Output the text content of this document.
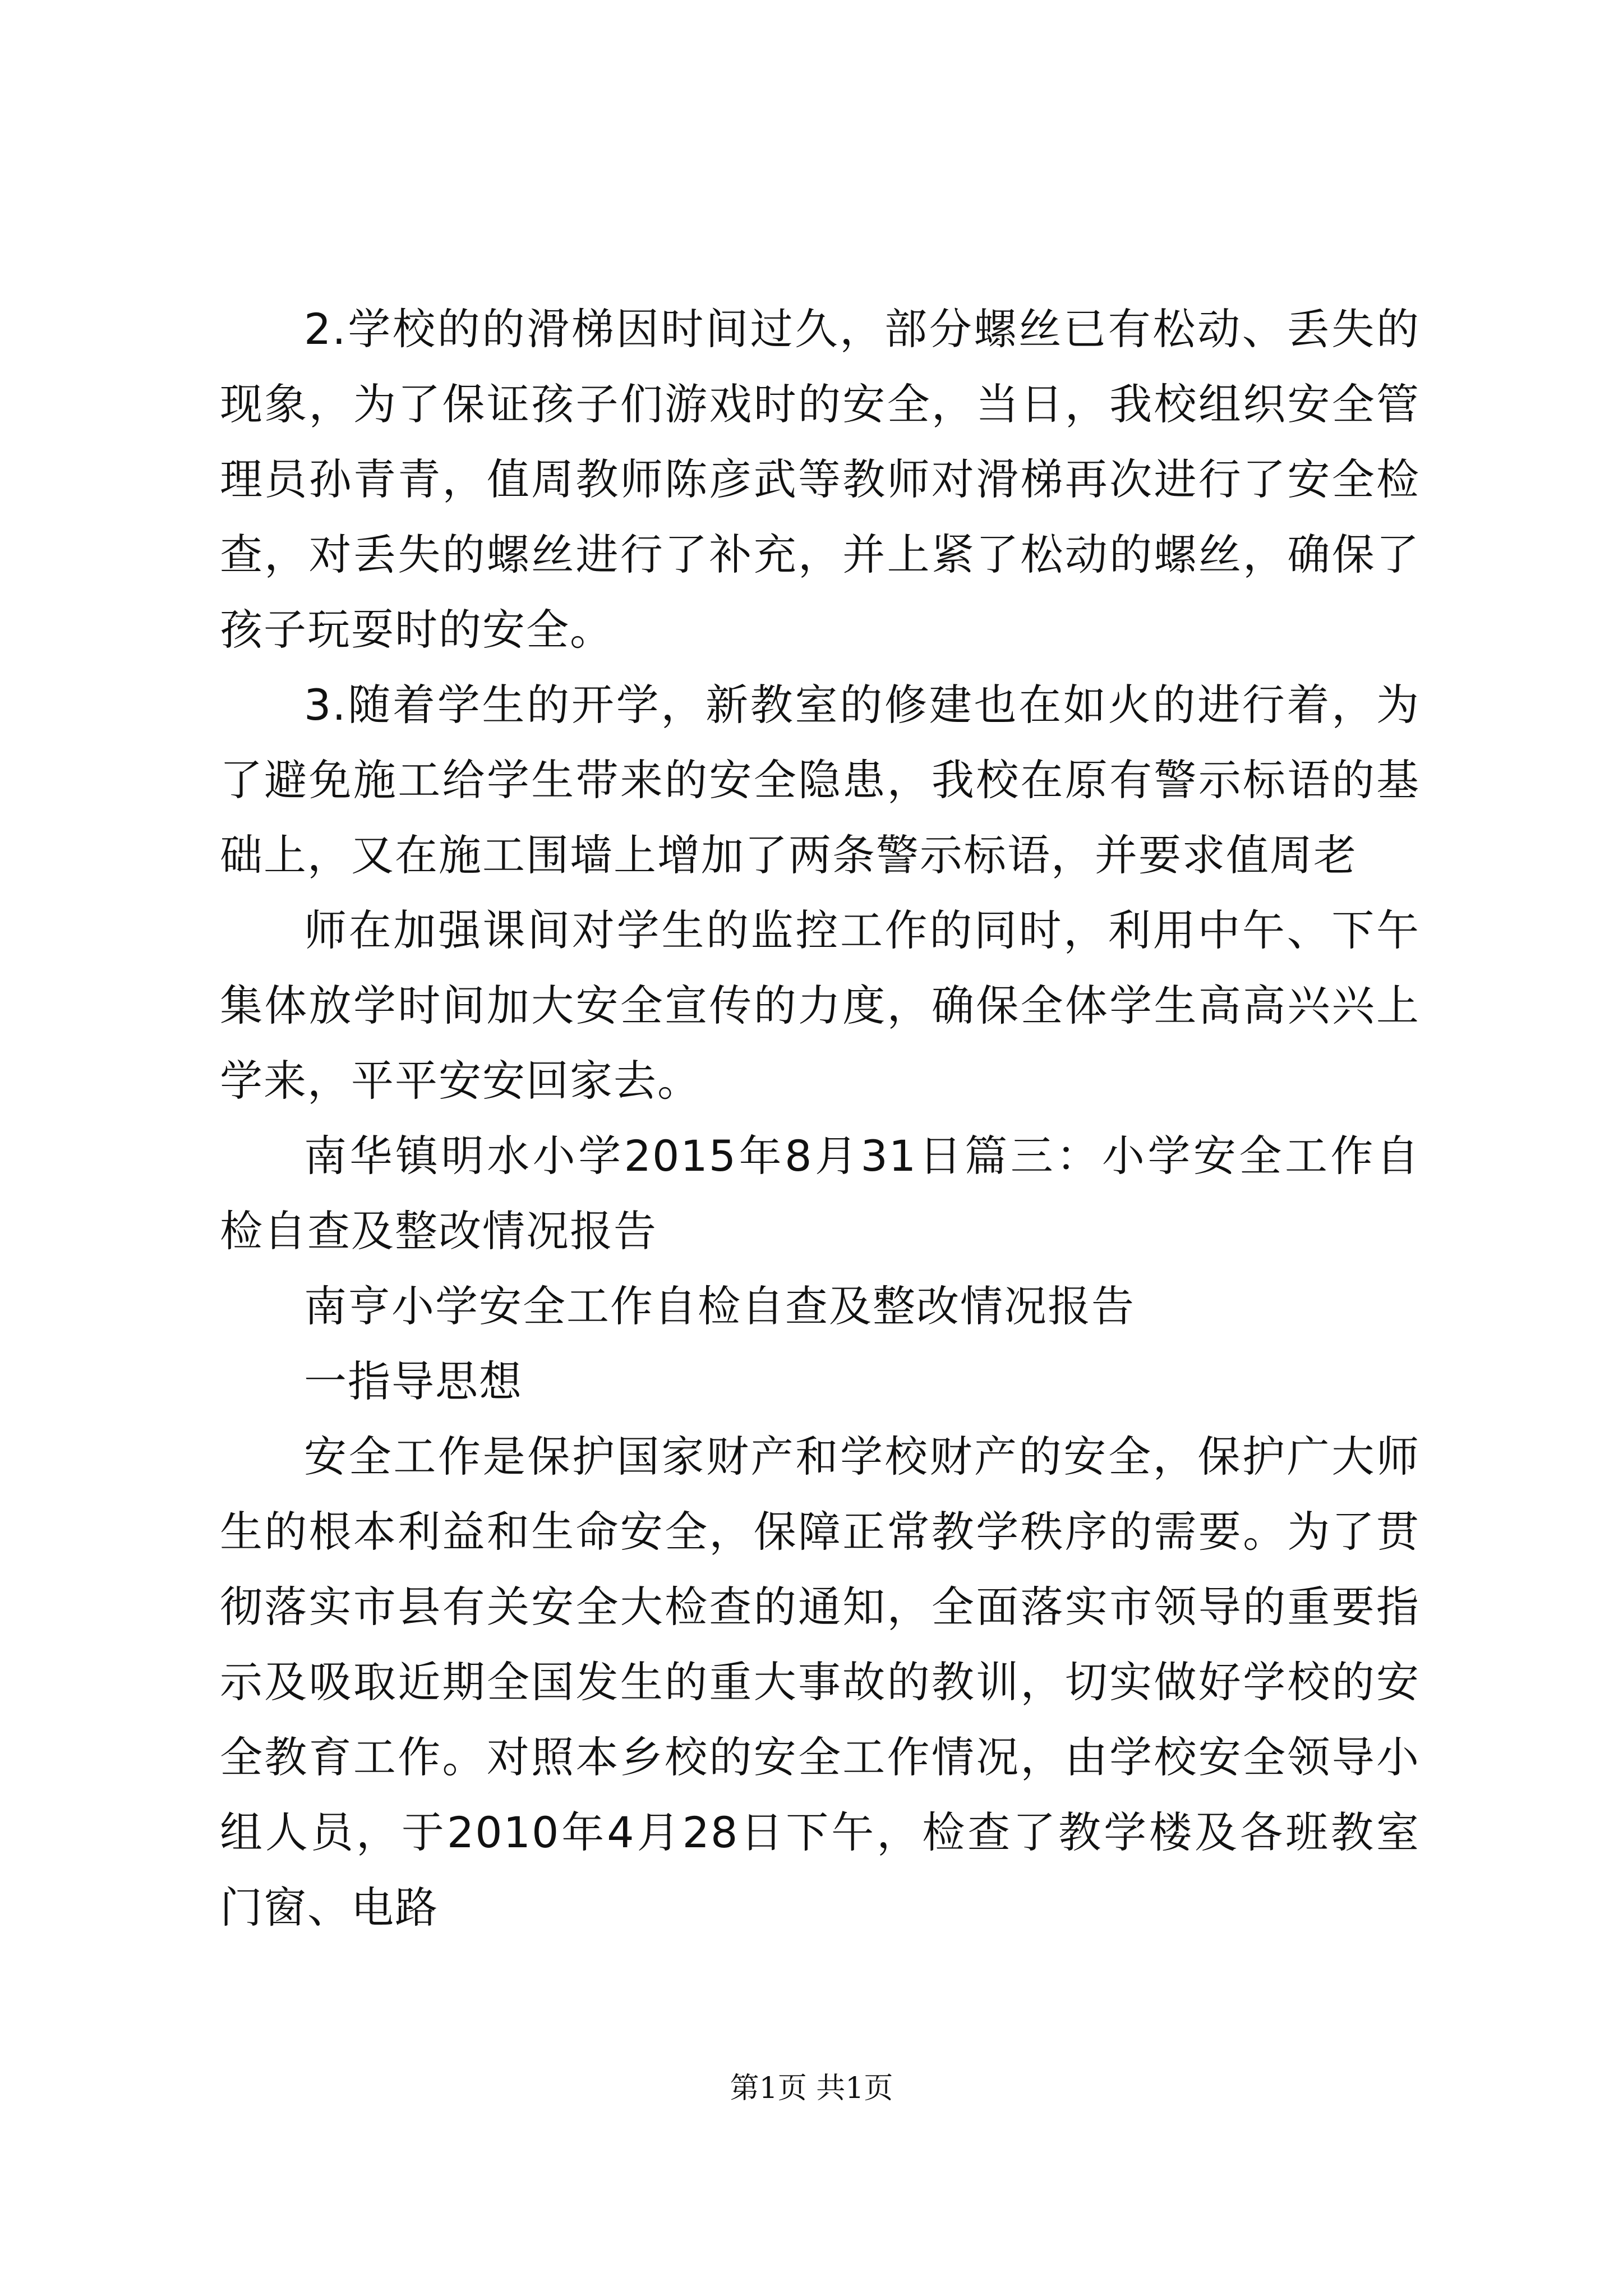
2.学校的的滑梯因时间过久，部分螺丝已有松动、丢失的现象，为了保证孩子们游戏时的安全，当日，我校组织安全管理员孙青青，值周教师陈彦武等教师对滑梯再次进行了安全检查，对丢失的螺丝进行了补充，并上紧了松动的螺丝，确保了孩子玩耍时的安全。

3.随着学生的开学，新教室的修建也在如火的进行着，为了避免施工给学生带来的安全隐患，我校在原有警示标语的基础上，又在施工围墙上增加了两条警示标语，并要求值周老

师在加强课间对学生的监控工作的同时，利用中午、下午集体放学时间加大安全宣传的力度，确保全体学生高高兴兴上学来，平平安安回家去。

南华镇明水小学2015年8月31日篇三：小学安全工作自检自查及整改情况报告

南亨小学安全工作自检自查及整改情况报告

一指导思想

安全工作是保护国家财产和学校财产的安全，保护广大师生的根本利益和生命安全，保障正常教学秩序的需要。为了贯彻落实市县有关安全大检查的通知，全面落实市领导的重要指示及吸取近期全国发生的重大事故的教训，切实做好学校的安全教育工作。对照本乡校的安全工作情况，由学校安全领导小组人员，于2010年4月28日下午，检查了教学楼及各班教室门窗、电路

第1页 共1页
